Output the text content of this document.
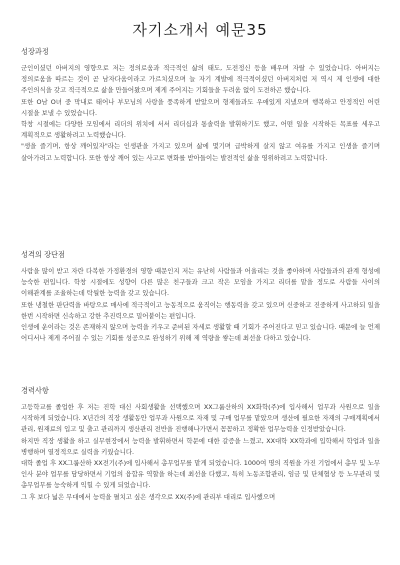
자기소개서 예문35
성장과정

군인이셨던 아버지의 영향으로 저는 정의로움과 적극적인 삶의 태도, 도전정신 등을 배우며 자랄 수 있었습니다. 아버지는 정의로움을 따르는 것이 곧 남자다움이라고 가르치셨으며 늘 자기 계발에 적극적이셨던 아버지처럼 저 역시 제 인생에 대한 주인의식을 갖고 적극적으로 삶을 만들어왔으며 제게 주어지는 기회들을 두려움 없이 도전하곤 했습니다.

또한 O남 O녀 중 막내로 태어나 부모님의 사랑을 풍족하게 받았으며 형제들과도 우애있게 지냈으며 행복하고 안정적인 어린 시절을 보낼 수 있었습니다.

학창 시절에는 다양한 모임에서 리더의 위치에 서서 리더십과 통솔력을 발휘하기도 했고, 어떤 일을 시작하든 목표를 세우고 계획적으로 생활하려고 노력했습니다.

"생을 즐기며, 항상 깨어있자"라는 인생관을 가지고 있으며 삶에 몇기며 급박하게 살지 않고 여유를 가지고 인생을 즐기며 살아가려고 노력합니다. 또한 항상 깨어 있는 사고로 변화를 받아들이는 발전적인 삶을 영위하려고 노력합니다.

성격의 장단점

사람을 많이 받고 자란 다복한 가정환경의 영향 때문인지 저는 유난히 사람들과 어울리는 것을 좋아하며 사람들과의 관계 형성에 능숙한 편입니다. 학창 시절에도 성향이 다른 많은 친구들과 크고 작은 모임을 가지고 리더를 맡을 정도로 사람들 사이의 이해관계를 조율하는데 탁월한 능력을 갖고 있습니다.

또한 냉철한 판단력을 바탕으로 매사에 적극적이고 능동적으로 움직이는 행동력을 갖고 있으며 신중하고 진중하게 사고하되 일을 한번 시작하면 신속하고 강한 추진력으로 밀어붙이는 편입니다.

인생에 운이라는 것은 존재하지 않으며 능력을 키우고 준비된 자세로 생활할 때 기회가 주어진다고 믿고 있습니다. 때문에 늘 언제 어디서나 제게 주어질 수 있는 기회를 성공으로 완성하기 위해 제 역량을 쌓는데 최선을 다하고 있습니다.

경력사항

고등학교를 졸업한 후 저는 진학 대신 사회생활을 선택했으며 XX그룹산하의 XX화학(주)에 입사해서 업무과 사원으로 일을 시작하게 되었습니다. X년간의 직장 생활동안 업무과 사원으로 자재 및 구매 업무를 맡았으며 생산에 필요한 자재의 구매계획에서 관리, 원재료의 입고 및 출고 관리까지 생산관리 전반을 진행해나가면서 꼼꼼하고 정확한 업무능력을 인정받았습니다.

하지만 직장 생활을 하고 실무현장에서 능력을 발휘하면서 학문에 대한 갈증을 느꼈고, XX대학 XX학과에 입학해서 학업과 일을 병행하며 열정적으로 실력을 키웠습니다.

대학 졸업 후 XX그룹산하 XX전기(주)에 입사해서 총무업무를 맡게 되었습니다. 1000여 명의 직원을 가진 기업에서 총무 및 노무 인사 분야 업무를 담당하면서 기업의 융합유 역할을 하는데 최선을 다했고, 특히 노동조합관리, 임금 및 단체협상 등 노무관리 및 총무업무를 능숙하게 익힐 수 있게 되었습니다.

그 후 보다 넓은 무대에서 능력을 펼치고 싶은 생각으로 XX(주)에 관리부 대리로 입사했으며
